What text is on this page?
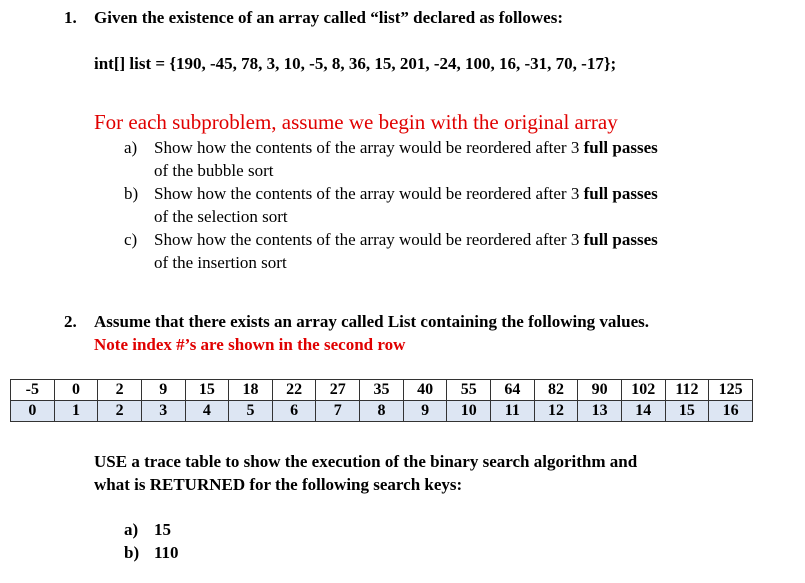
1. Given the existence of an array called “list” declared as followes:
int[] list = {190, -45, 78, 3, 10, -5, 8, 36, 15, 201, -24, 100, 16, -31, 70, -17};
For each subproblem, assume we begin with the original array
a) Show how the contents of the array would be reordered after 3 full passes
of the bubble sort
b) Show how the contents of the array would be reordered after 3 full passes
of the selection sort
c) Show how the contents of the array would be reordered after 3 full passes
of the insertion sort
2. Assume that there exists an array called List containing the following values.
Note index #’s are shown in the second row
-5	0	2	9	15	18	22	27	35	40	55	64	82	90	102	112	125
0	1	2	3	4	5	6	7	8	9	10	11	12	13	14	15	16
USE a trace table to show the execution of the binary search algorithm and
what is RETURNED for the following search keys:
a) 15
b) 110
